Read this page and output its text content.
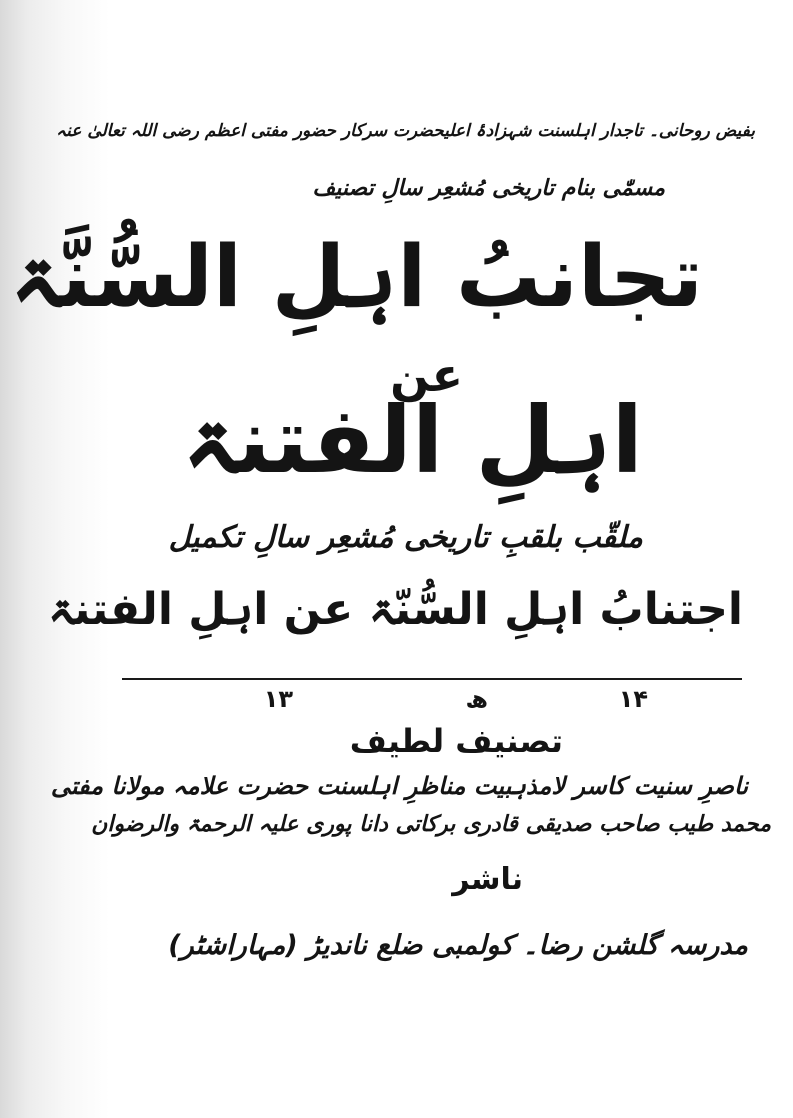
بفیض روحانی۔ تاجدار اہلسنت شہزادۂ اعلیحضرت سرکار حضور مفتی اعظم رضی اللہ تعالیٰ عنہ
مسمّٰی بنام تاریخی مُشعِر سالِ تصنیف
تجانبُ اہلِ السُّنَّۃ
عن
اہلِ الفتنۃ
ملقّب بلقبِ تاریخی مُشعِر سالِ تکمیل
اجتنابُ اہلِ السُّنّۃ عن اہلِ الفتنۃ
۱۴
ھ
۱۳
تصنیف لطیف
ناصرِ سنیت کاسر لامذہبیت مناظرِ اہلسنت حضرت علامہ مولانا مفتی
محمد طیب صاحب صدیقی قادری برکاتی دانا پوری علیہ الرحمۃ والرضوان
ناشر
مدرسہ گلشن رضا۔ کولمبی ضلع ناندیڑ (مہاراشٹر)
